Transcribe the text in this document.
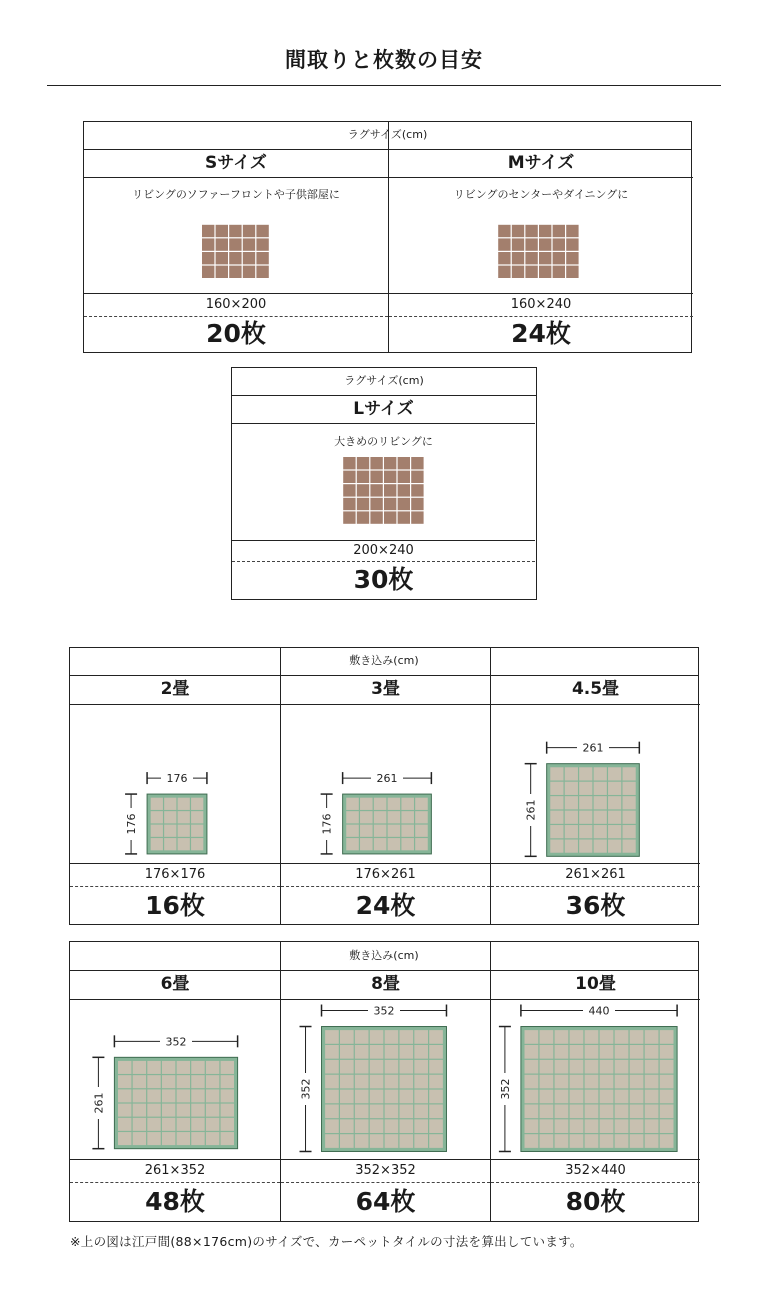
間取りと枚数の目安
ラグサイズ(cm)
Sサイズ
リビングのソファーフロントや子供部屋に
160×200
20枚
Mサイズ
リビングのセンターやダイニングに
160×240
24枚
ラグサイズ(cm)
Lサイズ
大きめのリビングに
200×240
30枚
敷き込み(cm)
2畳
176
176
176×176
16枚
3畳
261
176
176×261
24枚
4.5畳
261
261
261×261
36枚
敷き込み(cm)
6畳
352
261
261×352
48枚
8畳
352
352
352×352
64枚
10畳
440
352
352×440
80枚
※上の図は江戸間(88×176cm)のサイズで、カーペットタイルの寸法を算出しています。
